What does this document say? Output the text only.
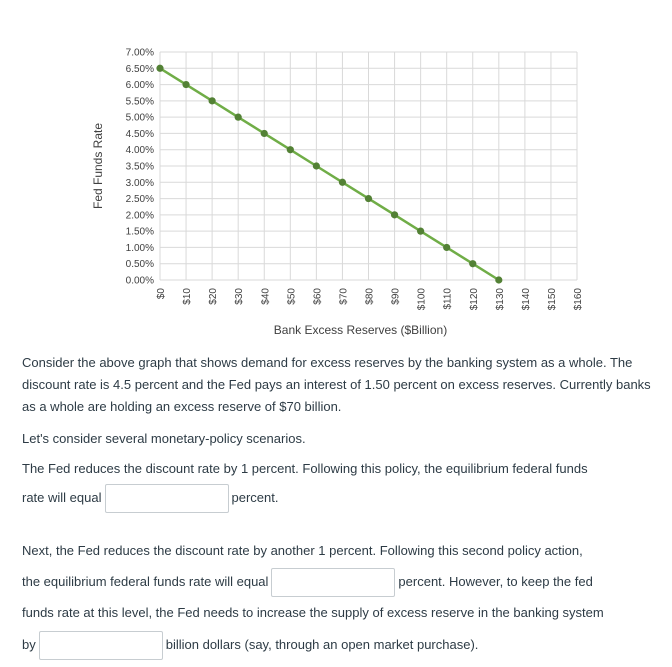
0.00%
0.50%
1.00%
1.50%
2.00%
2.50%
3.00%
3.50%
4.00%
4.50%
5.00%
5.50%
6.00%
6.50%
7.00%
$0 $10 $20 $30 $40 $50 $60 $70 $80 $90 $100 $110 $120 $130 $140 $150 $160
Fed Funds Rate
Bank Excess Reserves ($Billion)

Consider the above graph that shows demand for excess reserves by the banking system as a whole. The discount rate is 4.5 percent and the Fed pays an interest of 1.50 percent on excess reserves. Currently banks as a whole are holding an excess reserve of $70 billion.

Let's consider several monetary-policy scenarios.

The Fed reduces the discount rate by 1 percent. Following this policy, the equilibrium federal funds
rate will equal	percent.
Next, the Fed reduces the discount rate by another 1 percent. Following this second policy action,
the equilibrium federal funds rate will equal	percent. However, to keep the fed
funds rate at this level, the Fed needs to increase the supply of excess reserve in the banking system
by	billion dollars (say, through an open market purchase).
